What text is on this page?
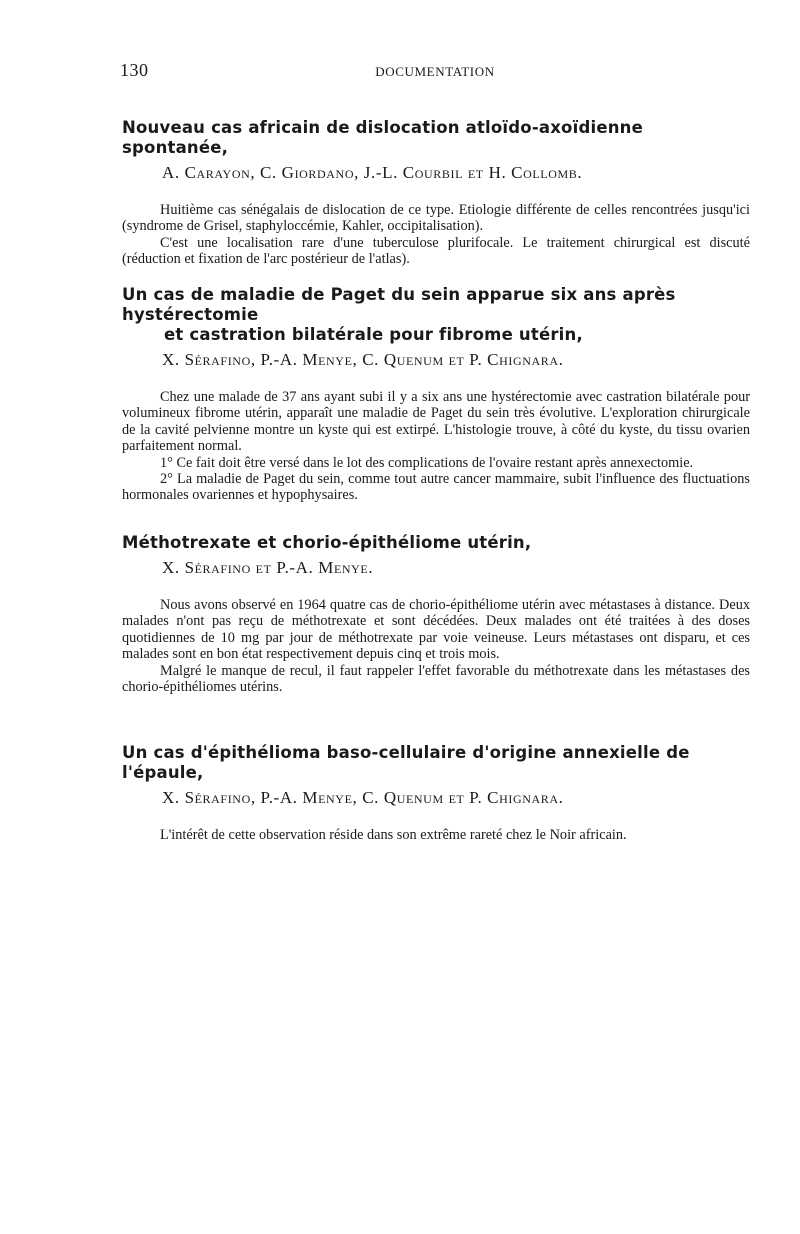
130	DOCUMENTATION
Nouveau cas africain de dislocation atloïdo-axoïdienne spontanée,
A. Carayon, C. Giordano, J.-L. Courbil et H. Collomb.

Huitième cas sénégalais de dislocation de ce type. Etiologie différente de celles rencontrées jusqu'ici (syndrome de Grisel, staphyloccémie, Kahler, occipitalisation).

C'est une localisation rare d'une tuberculose plurifocale. Le traitement chirurgical est discuté (réduction et fixation de l'arc postérieur de l'atlas).

Un cas de maladie de Paget du sein apparue six ans après hystérectomie
et castration bilatérale pour fibrome utérin,
X. Sérafino, P.-A. Menye, C. Quenum et P. Chignara.

Chez une malade de 37 ans ayant subi il y a six ans une hystérectomie avec castration bilatérale pour volumineux fibrome utérin, apparaît une maladie de Paget du sein très évolutive. L'exploration chirurgicale de la cavité pelvienne montre un kyste qui est extirpé. L'histologie trouve, à côté du kyste, du tissu ovarien parfaitement normal.

1° Ce fait doit être versé dans le lot des complications de l'ovaire restant après annexectomie.

2° La maladie de Paget du sein, comme tout autre cancer mammaire, subit l'influence des fluctuations hormonales ovariennes et hypophysaires.

Méthotrexate et chorio-épithéliome utérin,
X. Sérafino et P.-A. Menye.

Nous avons observé en 1964 quatre cas de chorio-épithéliome utérin avec métastases à distance. Deux malades n'ont pas reçu de méthotrexate et sont décédées. Deux malades ont été traitées à des doses quotidiennes de 10 mg par jour de méthotrexate par voie veineuse. Leurs métastases ont disparu, et ces malades sont en bon état respectivement depuis cinq et trois mois.

Malgré le manque de recul, il faut rappeler l'effet favorable du méthotrexate dans les métastases des chorio-épithéliomes utérins.

Un cas d'épithélioma baso-cellulaire d'origine annexielle de l'épaule,
X. Sérafino, P.-A. Menye, C. Quenum et P. Chignara.

L'intérêt de cette observation réside dans son extrême rareté chez le Noir africain.
